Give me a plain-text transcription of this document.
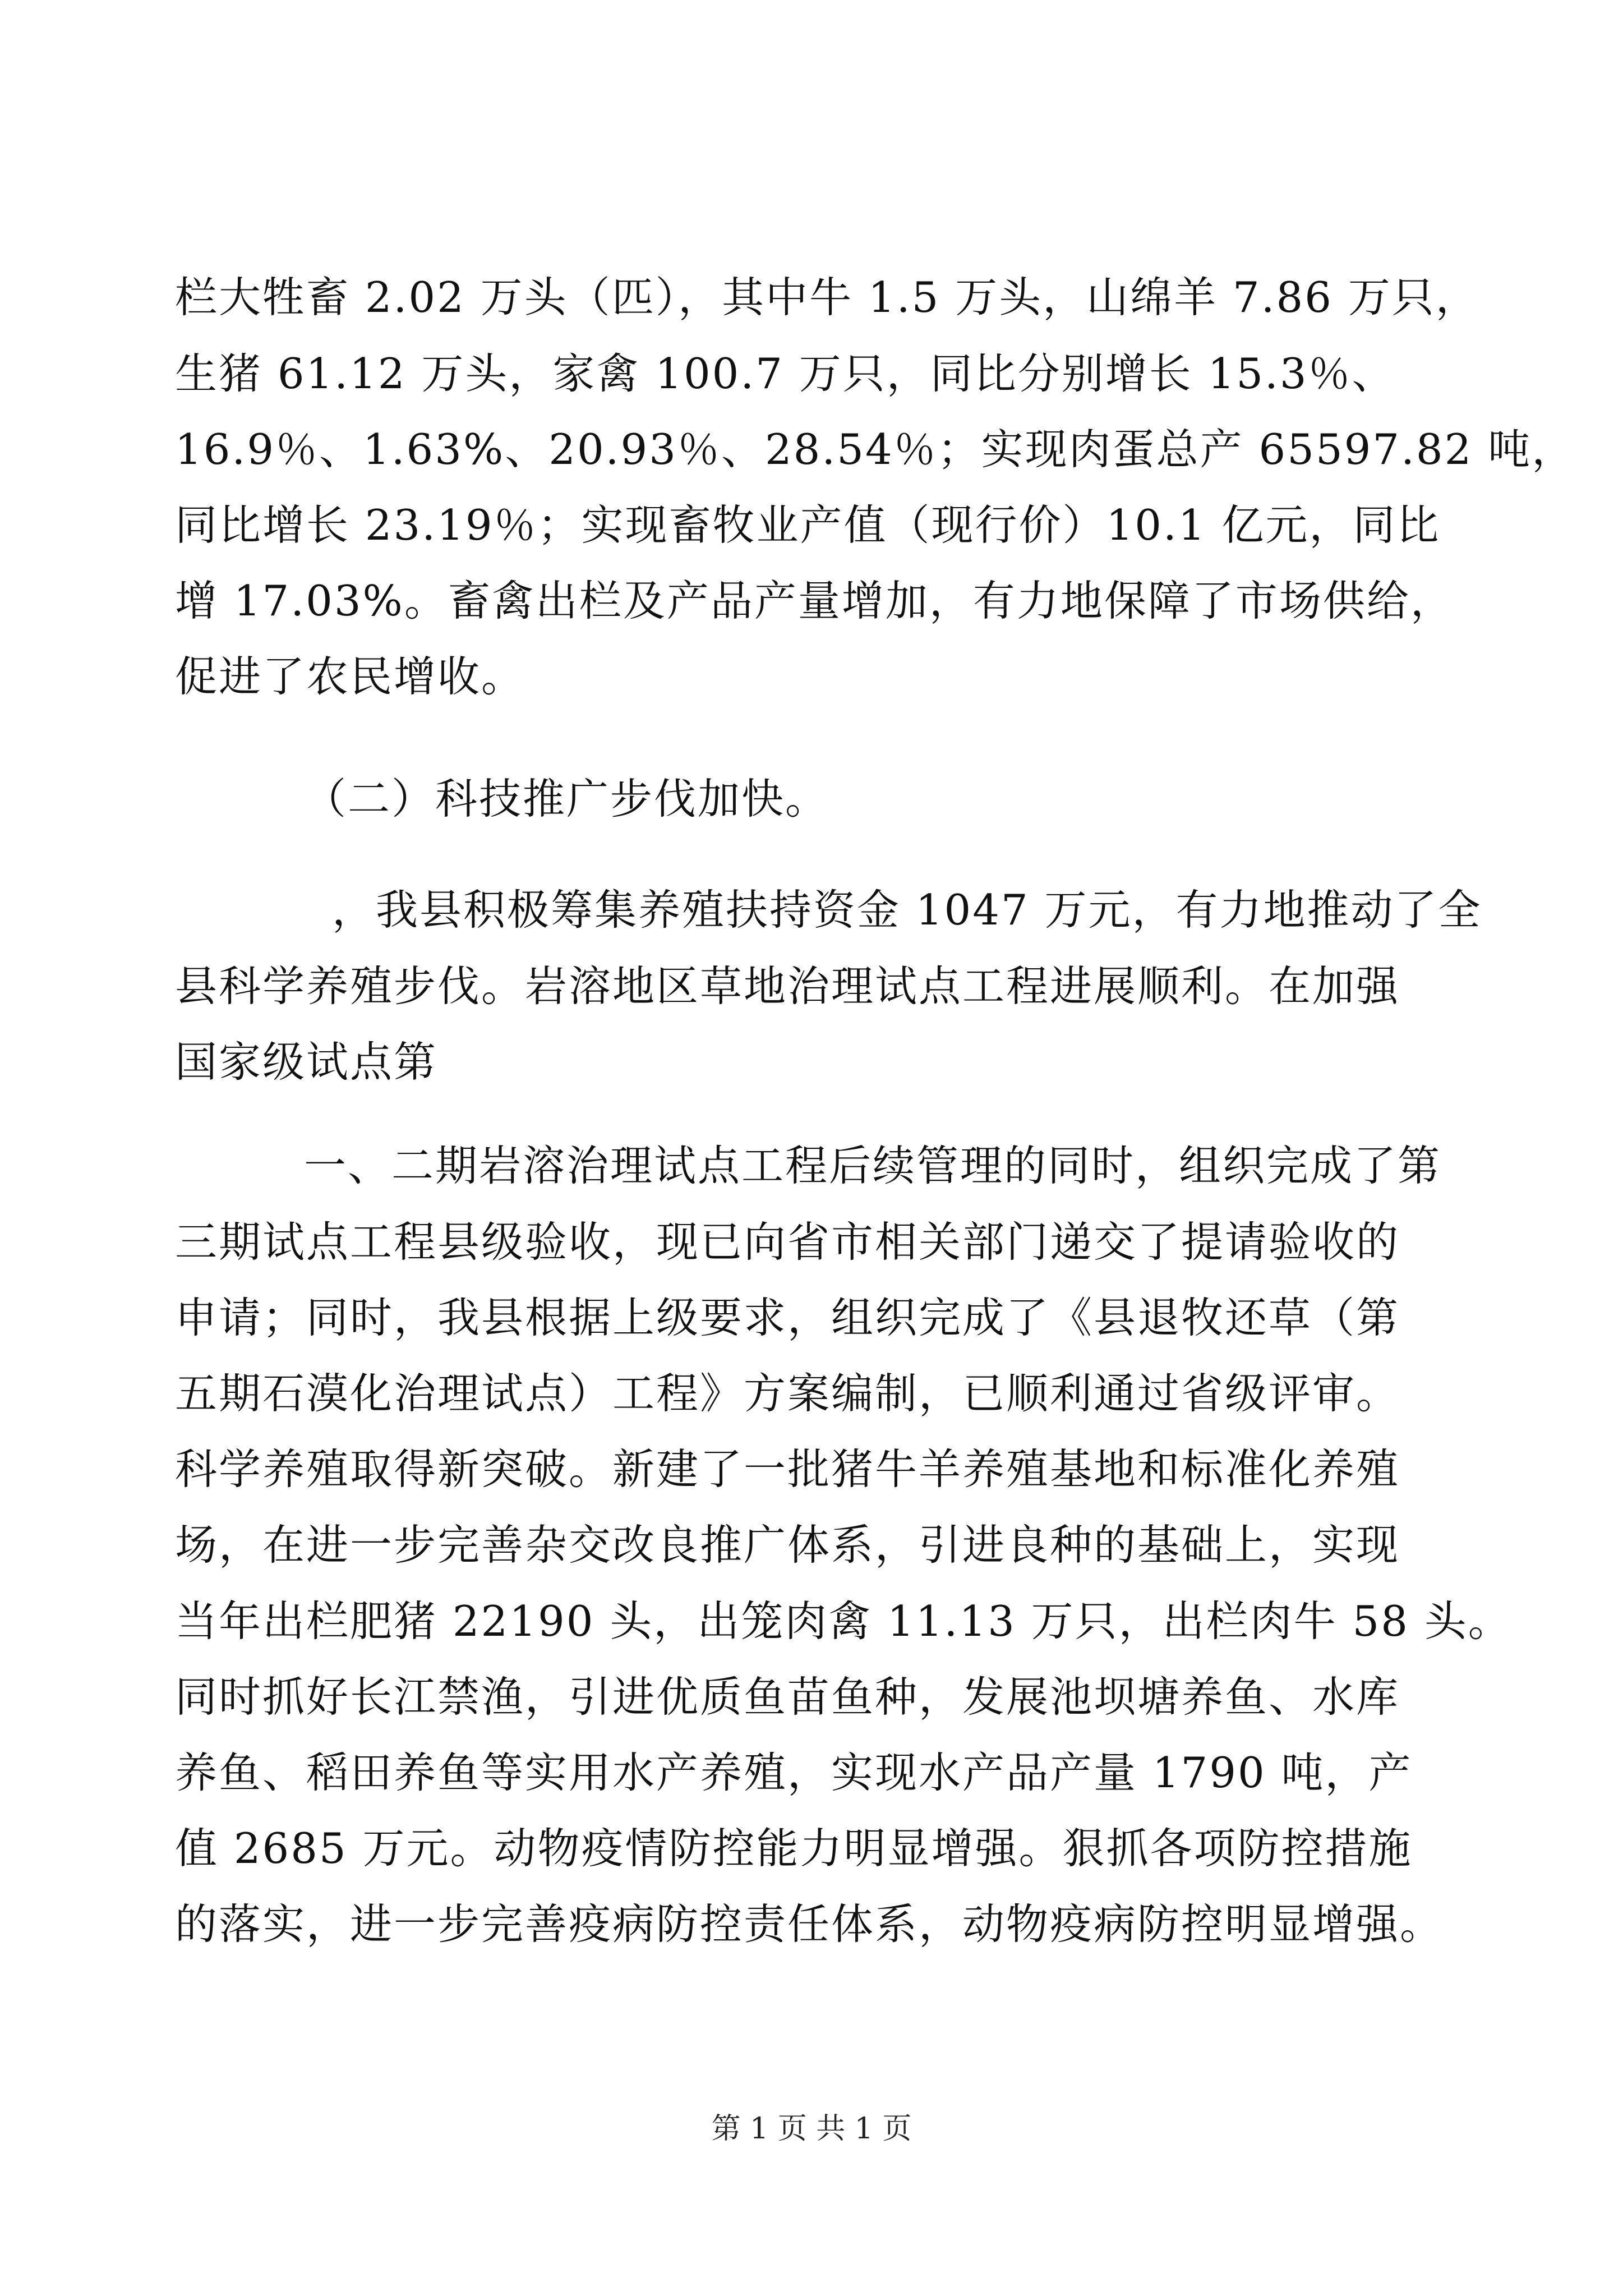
栏大牲畜 2.02 万头（匹），其中牛 1.5 万头，山绵羊 7.86 万只，
生猪 61.12 万头，家禽 100.7 万只，同比分别增长 15.3％、
16.9％、1.63%、20.93％、28.54％；实现肉蛋总产 65597.82 吨，
同比增长 23.19％；实现畜牧业产值（现行价）10.1 亿元，同比
增 17.03%。畜禽出栏及产品产量增加，有力地保障了市场供给，
促进了农民增收。
（二）科技推广步伐加快。
，我县积极筹集养殖扶持资金 1047 万元，有力地推动了全
县科学养殖步伐。岩溶地区草地治理试点工程进展顺利。在加强
国家级试点第
一、二期岩溶治理试点工程后续管理的同时，组织完成了第
三期试点工程县级验收，现已向省市相关部门递交了提请验收的
申请；同时，我县根据上级要求，组织完成了《县退牧还草（第
五期石漠化治理试点）工程》方案编制，已顺利通过省级评审。
科学养殖取得新突破。新建了一批猪牛羊养殖基地和标准化养殖
场，在进一步完善杂交改良推广体系，引进良种的基础上，实现
当年出栏肥猪 22190 头，出笼肉禽 11.13 万只，出栏肉牛 58 头。
同时抓好长江禁渔，引进优质鱼苗鱼种，发展池坝塘养鱼、水库
养鱼、稻田养鱼等实用水产养殖，实现水产品产量 1790 吨，产
值 2685 万元。动物疫情防控能力明显增强。狠抓各项防控措施
的落实，进一步完善疫病防控责任体系，动物疫病防控明显增强。
第 1 页 共 1 页
